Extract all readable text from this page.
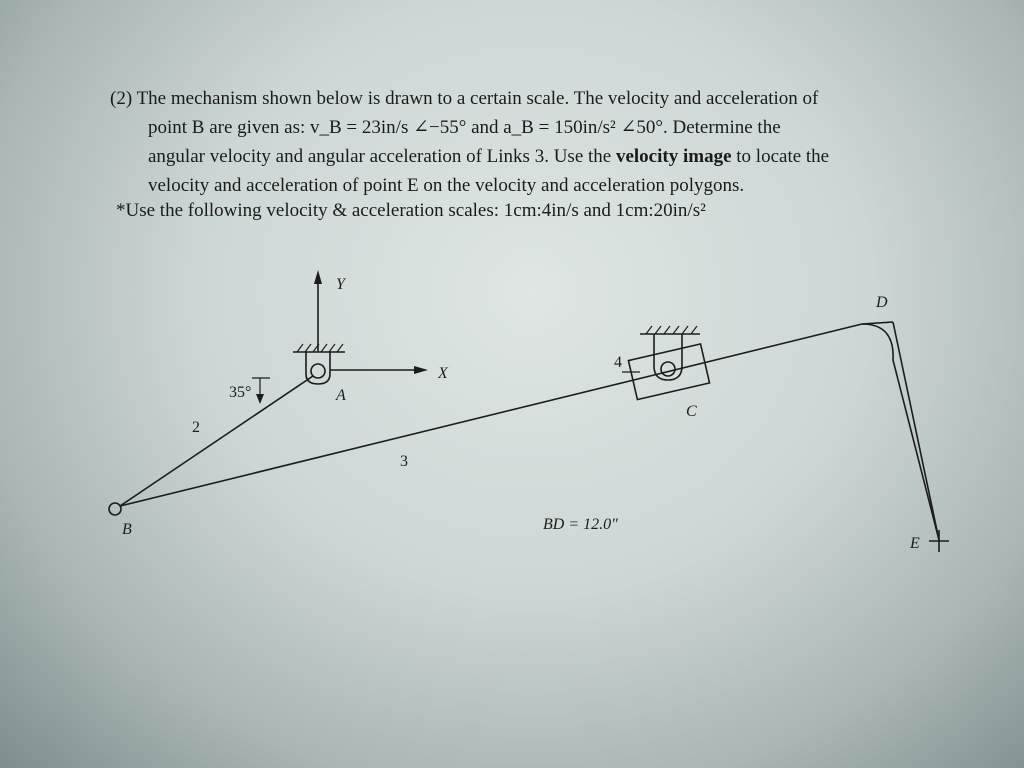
(2) The mechanism shown below is drawn to a certain scale. The velocity and acceleration of

point B are given as: v_B = 23in/s ∠−55° and a_B = 150in/s² ∠50°. Determine the

angular velocity and angular acceleration of Links 3. Use the velocity image to locate the

velocity and acceleration of point E on the velocity and acceleration polygons.

*Use the following velocity & acceleration scales: 1cm:4in/s and 1cm:20in/s²
Y
X
A
35°
2
3
4
B
C
D
E
BD = 12.0"
